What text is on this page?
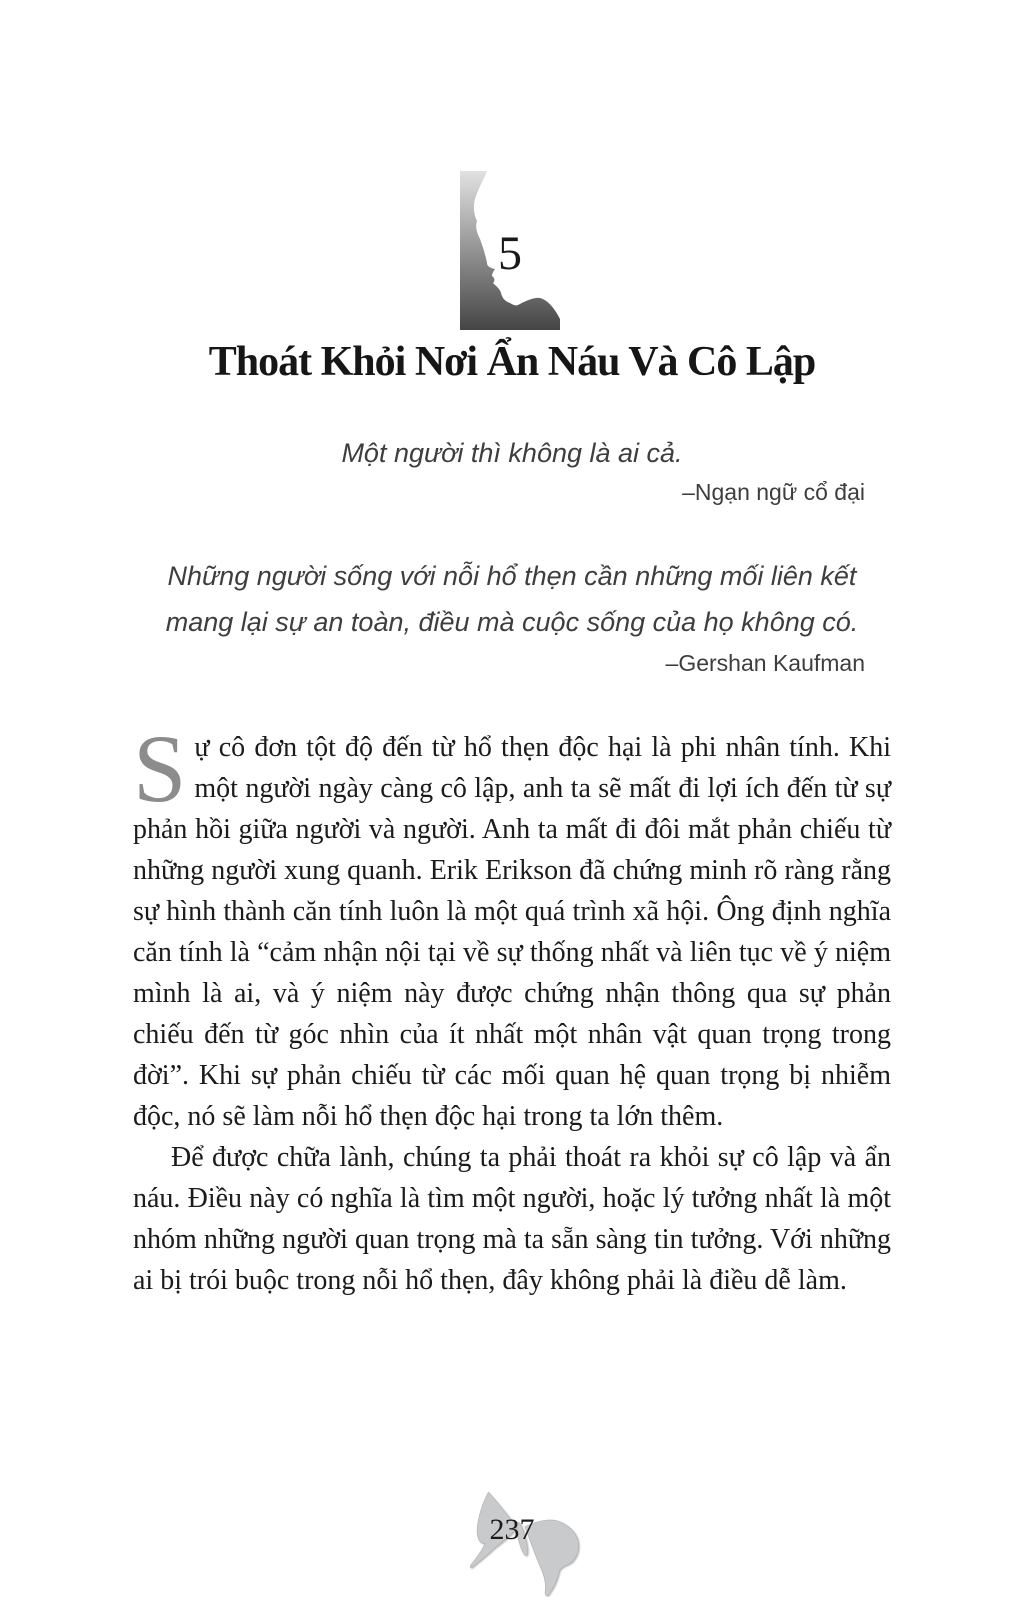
5
Thoát Khỏi Nơi Ẩn Náu Và Cô Lập

Một người thì không là ai cả.

–Ngạn ngữ cổ đại

Những người sống với nỗi hổ thẹn cần những mối liên kết mang lại sự an toàn, điều mà cuộc sống của họ không có.

–Gershan Kaufman

Sự cô đơn tột độ đến từ hổ thẹn độc hại là phi nhân tính. Khi một người ngày càng cô lập, anh ta sẽ mất đi lợi ích đến từ sự phản hồi giữa người và người. Anh ta mất đi đôi mắt phản chiếu từ những người xung quanh. Erik Erikson đã chứng minh rõ ràng rằng sự hình thành căn tính luôn là một quá trình xã hội. Ông định nghĩa căn tính là “cảm nhận nội tại về sự thống nhất và liên tục về ý niệm mình là ai, và ý niệm này được chứng nhận thông qua sự phản chiếu đến từ góc nhìn của ít nhất một nhân vật quan trọng trong đời”. Khi sự phản chiếu từ các mối quan hệ quan trọng bị nhiễm độc, nó sẽ làm nỗi hổ thẹn độc hại trong ta lớn thêm.

Để được chữa lành, chúng ta phải thoát ra khỏi sự cô lập và ẩn náu. Điều này có nghĩa là tìm một người, hoặc lý tưởng nhất là một nhóm những người quan trọng mà ta sẵn sàng tin tưởng. Với những ai bị trói buộc trong nỗi hổ thẹn, đây không phải là điều dễ làm.

237
